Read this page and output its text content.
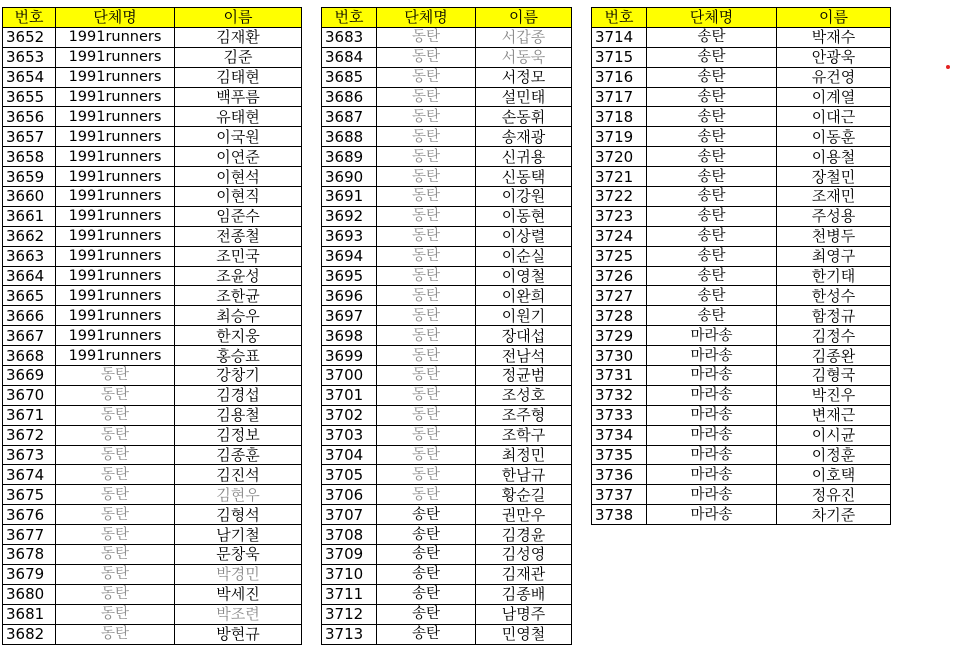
번호	단체명	이름
3652	1991runners	김재환
3653	1991runners	김준
3654	1991runners	김태현
3655	1991runners	백푸름
3656	1991runners	유태현
3657	1991runners	이국원
3658	1991runners	이연준
3659	1991runners	이현석
3660	1991runners	이현직
3661	1991runners	임준수
3662	1991runners	전종철
3663	1991runners	조민국
3664	1991runners	조윤성
3665	1991runners	조한균
3666	1991runners	최승우
3667	1991runners	한지웅
3668	1991runners	홍승표
3669	동탄	강창기
3670	동탄	김경섭
3671	동탄	김용철
3672	동탄	김정보
3673	동탄	김종훈
3674	동탄	김진석
3675	동탄	김현우
3676	동탄	김형석
3677	동탄	남기철
3678	동탄	문창욱
3679	동탄	박경민
3680	동탄	박세진
3681	동탄	박조련
3682	동탄	방현규
번호	단체명	이름
3683	동탄	서갑종
3684	동탄	서동욱
3685	동탄	서정모
3686	동탄	설민태
3687	동탄	손동휘
3688	동탄	송재광
3689	동탄	신귀용
3690	동탄	신동택
3691	동탄	이강원
3692	동탄	이동현
3693	동탄	이상렬
3694	동탄	이순실
3695	동탄	이영철
3696	동탄	이완희
3697	동탄	이원기
3698	동탄	장대섭
3699	동탄	전남석
3700	동탄	정균범
3701	동탄	조성호
3702	동탄	조주형
3703	동탄	조학구
3704	동탄	최정민
3705	동탄	한남규
3706	동탄	황순길
3707	송탄	권만우
3708	송탄	김경윤
3709	송탄	김성영
3710	송탄	김재관
3711	송탄	김종배
3712	송탄	남명주
3713	송탄	민영철
번호	단체명	이름
3714	송탄	박재수
3715	송탄	안광욱
3716	송탄	유건영
3717	송탄	이계열
3718	송탄	이대근
3719	송탄	이동훈
3720	송탄	이용철
3721	송탄	장철민
3722	송탄	조재민
3723	송탄	주성용
3724	송탄	천병두
3725	송탄	최영구
3726	송탄	한기태
3727	송탄	한성수
3728	송탄	함정규
3729	마라송	김정수
3730	마라송	김종완
3731	마라송	김형국
3732	마라송	박진우
3733	마라송	변재근
3734	마라송	이시균
3735	마라송	이정훈
3736	마라송	이호택
3737	마라송	정유진
3738	마라송	차기준
